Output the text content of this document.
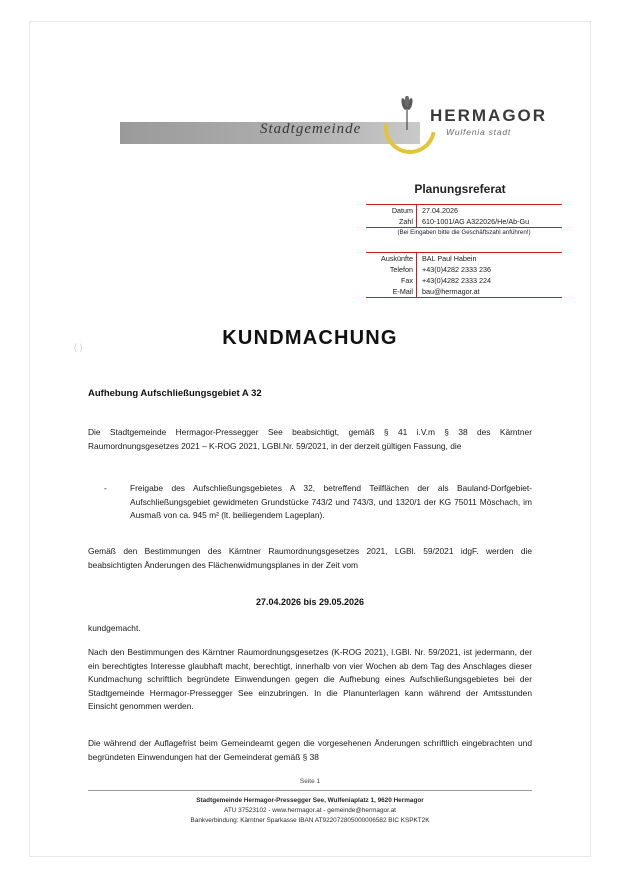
Stadtgemeinde
HERMAGOR
Wulfenia stadt
Planungsreferat
Datum	27.04.2026
Zahl	610-1001/AG A322026/He/Ab-Gu
(Bei Eingaben bitte die Geschäftszahl anführen!)	
Auskünfte	BAL Paul Habein
Telefon	+43(0)4282 2333 236
Fax	+43(0)4282 2333 224
E-Mail	bau@hermagor.at
( )	KUNDMACHUNG
Aufhebung Aufschließungsgebiet A 32
Die Stadtgemeinde Hermagor-Pressegger See beabsichtigt, gemäß § 41 i.V.m § 38 des Kärntner Raumordnungsgesetzes 2021 – K-ROG 2021, LGBl.Nr. 59/2021, in der derzeit gültigen Fassung, die
-	Freigabe des Aufschließungsgebietes A 32, betreffend Teilflächen der als Bauland-Dorfgebiet-Aufschließungsgebiet gewidmeten Grundstücke 743/2 und 743/3, und 1320/1 der KG 75011 Möschach, im Ausmaß von ca. 945 m² (lt. beiliegendem Lageplan).
Gemäß den Bestimmungen des Kärntner Raumordnungsgesetzes 2021, LGBl. 59/2021 idgF. werden die beabsichtigten Änderungen des Flächenwidmungsplanes in der Zeit vom
27.04.2026 bis 29.05.2026
kundgemacht.
Nach den Bestimmungen des Kärntner Raumordnungsgesetzes (K-ROG 2021), l.GBl. Nr. 59/2021, ist jedermann, der ein berechtigtes Interesse glaubhaft macht, berechtigt, innerhalb von vier Wochen ab dem Tag des Anschlages dieser Kundmachung schriftlich begründete Einwendungen gegen die Aufhebung eines Aufschließungsgebietes bei der Stadtgemeinde Hermagor-Pressegger See einzubringen. In die Planunterlagen kann während der Amtsstunden Einsicht genommen werden.
Die während der Auflagefrist beim Gemeindeamt gegen die vorgesehenen Änderungen schriftlich eingebrachten und begründeten Einwendungen hat der Gemeinderat gemäß § 38
Seite 1
Stadtgemeinde Hermagor-Pressegger See, Wulfeniaplatz 1, 9620 Hermagor
ATU 37523102 - www.hermagor.at - gemeinde@hermagor.at
Bankverbindung: Kärntner Sparkasse IBAN AT922072805000006582 BIC KSPKT2K
